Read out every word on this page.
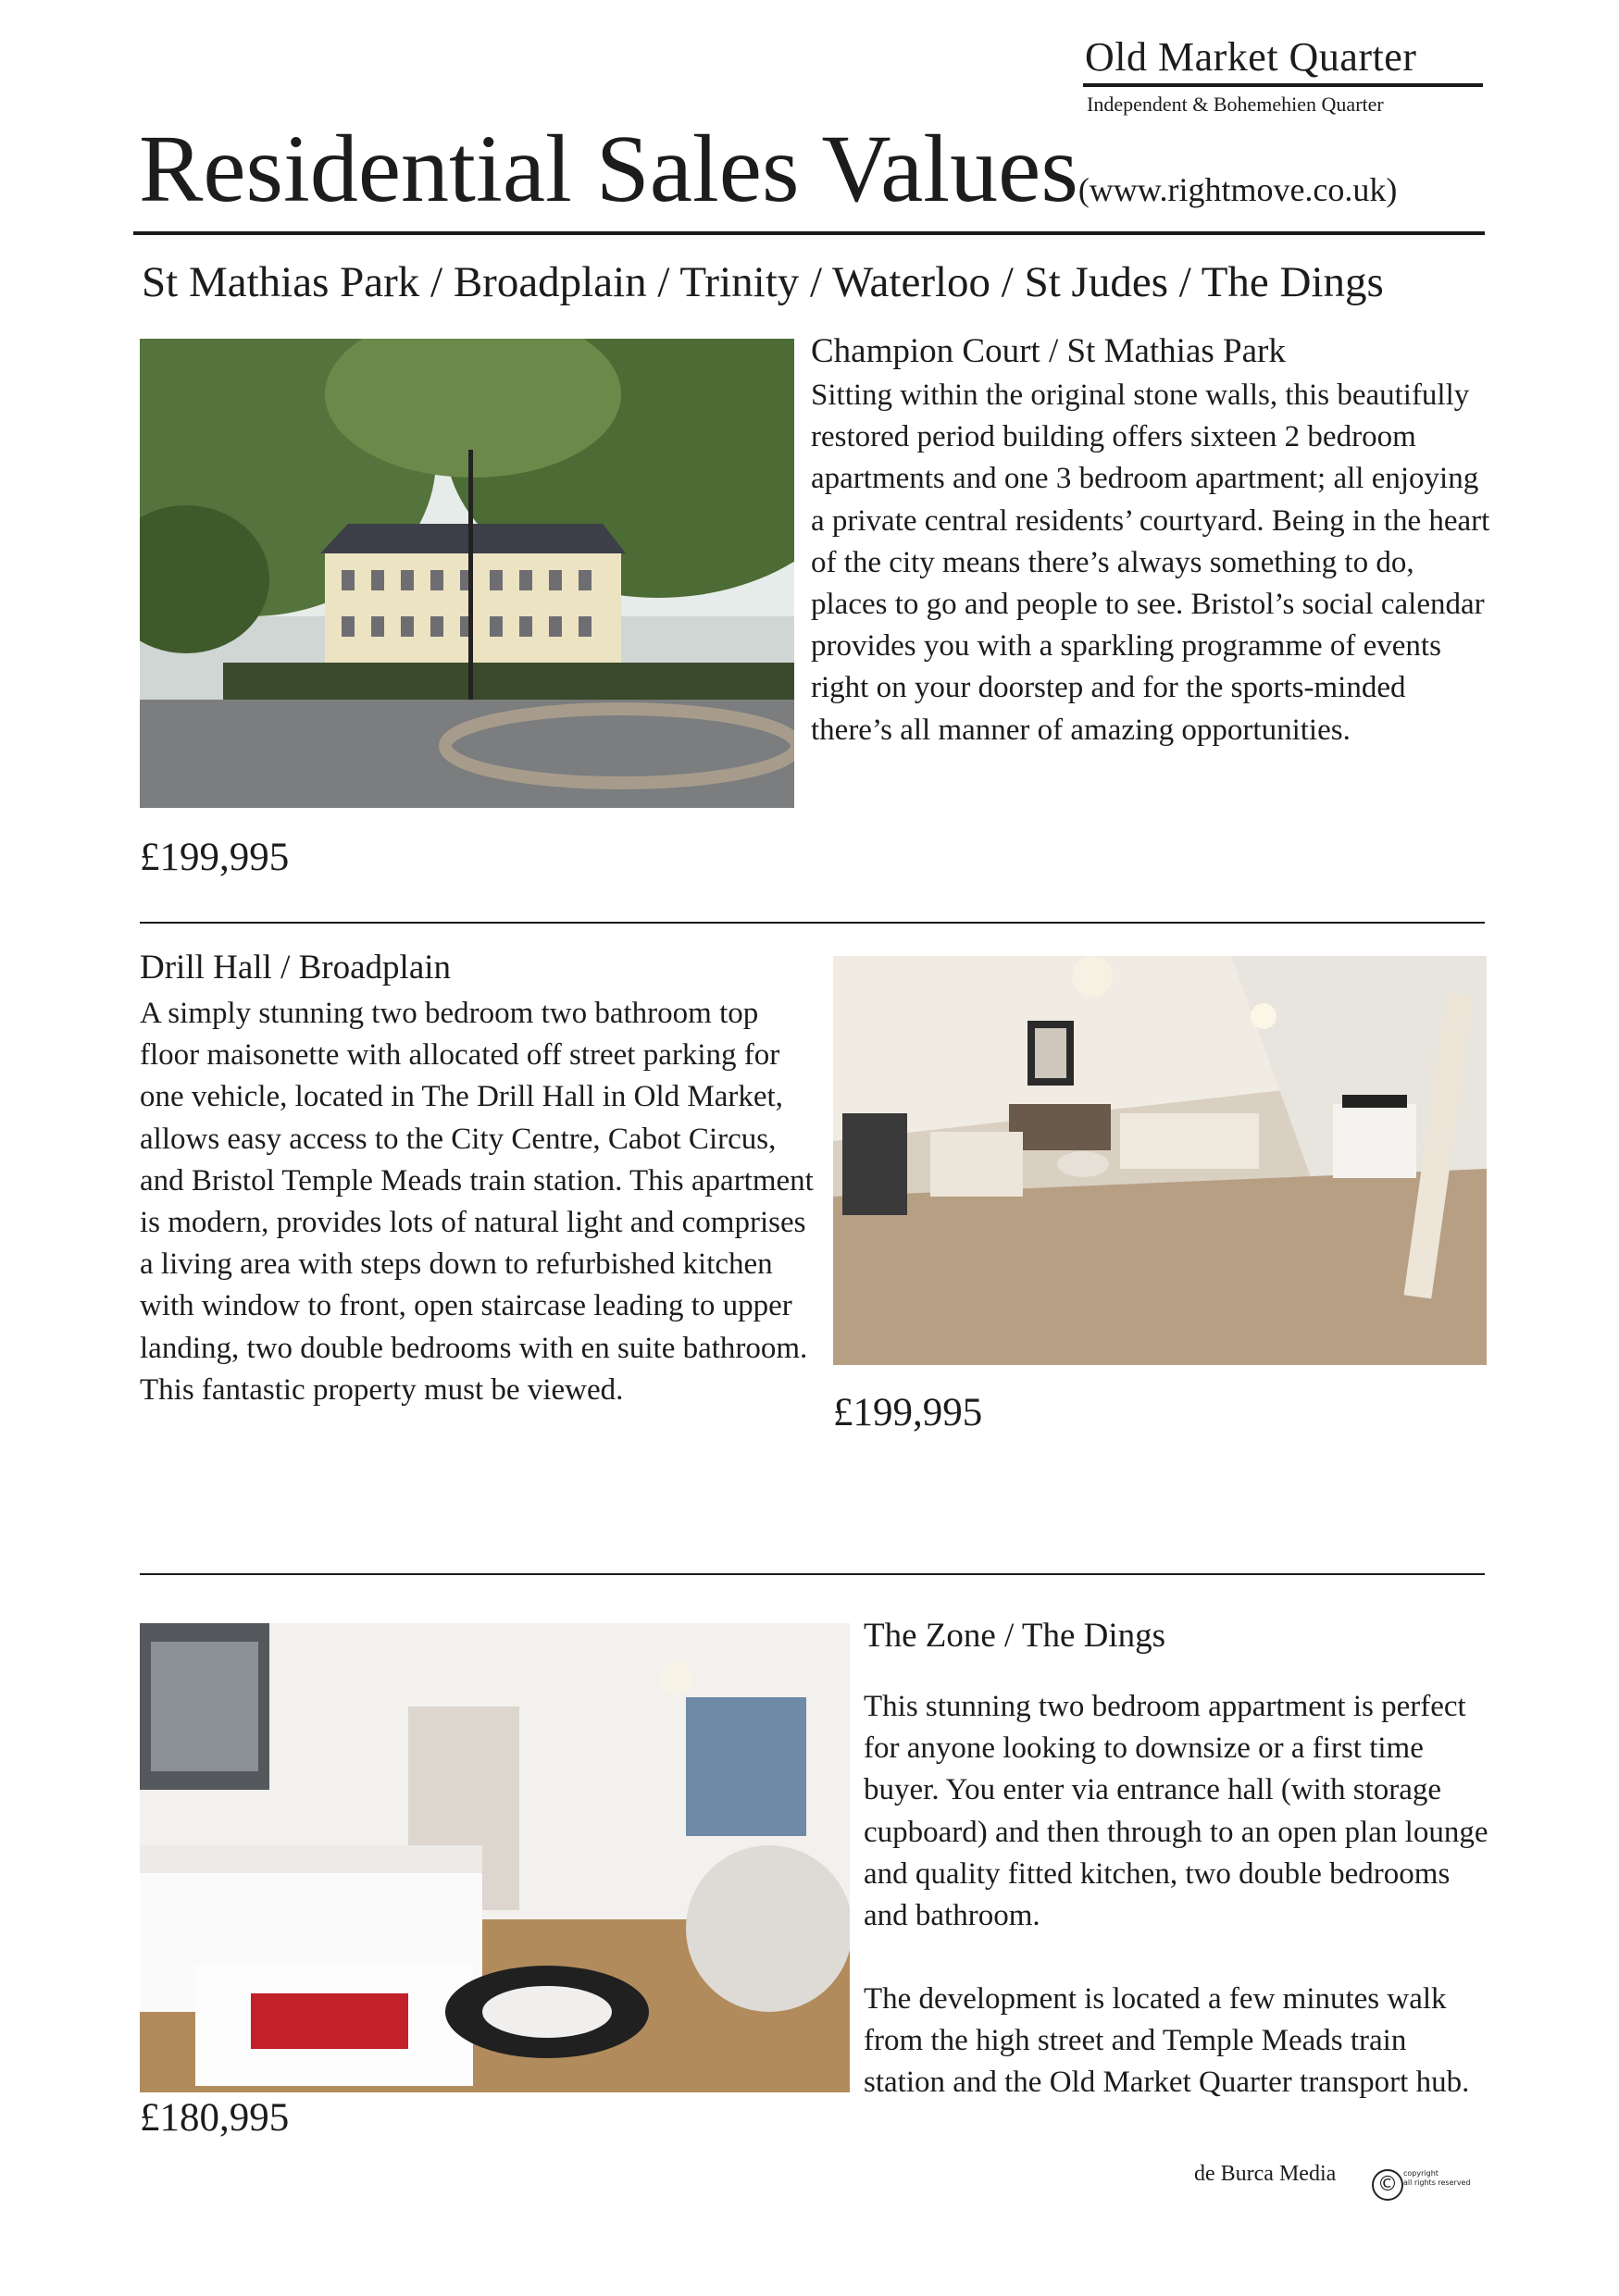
Old Market Quarter
Independent & Bohemehien Quarter
Residential Sales Values(www.rightmove.co.uk)
St Mathias Park / Broadplain / Trinity / Waterloo / St Judes / The Dings
Champion Court / St Mathias Park
Sitting within the original stone walls, this beautifully restored period building offers sixteen 2 bedroom apartments and one 3 bedroom apartment; all enjoying a private central residents’ courtyard. Being in the heart of the city means there’s always something to do, places to go and people to see. Bristol’s social calendar provides you with a sparkling programme of events right on your doorstep and for the sports-minded there’s all manner of amazing opportunities.
£199,995
Drill Hall / Broadplain
A simply stunning two bedroom two bathroom top floor maisonette with allocated off street parking for one vehicle, located in The Drill Hall in Old Market, allows easy access to the City Centre, Cabot Circus, and Bristol Temple Meads train station. This apartment is modern, provides lots of natural light and comprises a living area with steps down to refurbished kitchen with window to front, open staircase leading to upper landing, two double bedrooms with en suite bathroom. This fantastic property must be viewed.
£199,995
The Zone / The Dings
This stunning two bedroom appartment is perfect for anyone looking to downsize or a first time buyer. You enter via entrance hall (with storage cupboard) and then through to an open plan lounge and quality fitted kitchen, two double bedrooms and bathroom.
The development is located a few minutes walk from the high street and Temple Meads train station and the Old Market Quarter transport hub.
£180,995
de Burca Media © copyright
all rights reserved
